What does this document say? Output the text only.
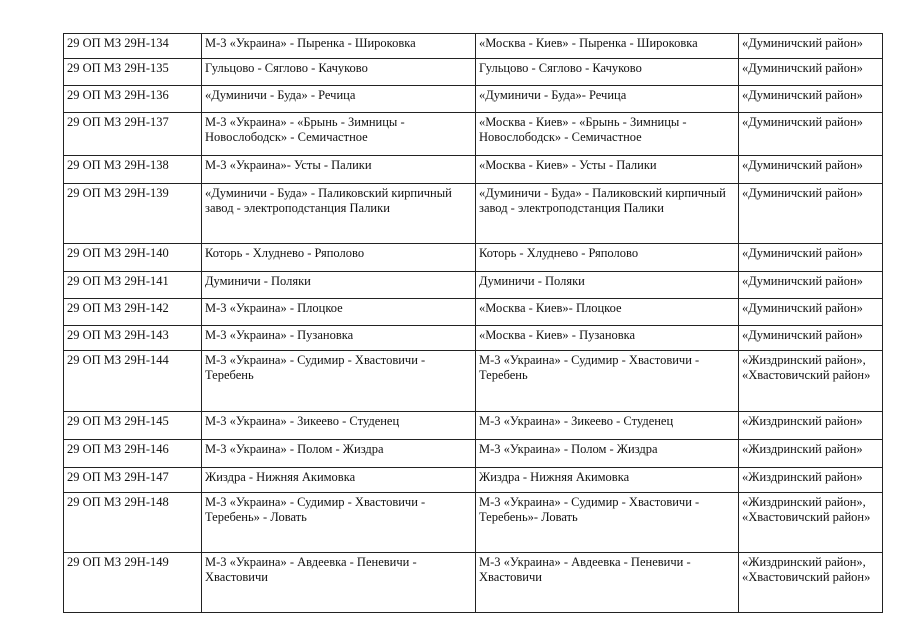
29 ОП МЗ 29Н-134	М-3 «Украина» - Пыренка - Широковка	«Москва - Киев» - Пыренка - Широковка	«Думиничский район»
29 ОП МЗ 29Н-135	Гульцово - Сяглово - Качуково	Гульцово - Сяглово - Качуково	«Думиничский район»
29 ОП МЗ 29Н-136	«Думиничи - Буда» - Речица	«Думиничи - Буда»- Речица	«Думиничский район»
29 ОП МЗ 29Н-137	М-3 «Украина» - «Брынь - Зимницы - Новослободск» - Семичастное	«Москва - Киев» - «Брынь - Зимницы - Новослободск» - Семичастное	«Думиничский район»
29 ОП МЗ 29Н-138	М-3 «Украина»- Усты - Палики	«Москва - Киев» - Усты - Палики	«Думиничский район»
29 ОП МЗ 29Н-139	«Думиничи - Буда» - Паликовский кирпичный завод - электроподстанция Палики	«Думиничи - Буда» - Паликовский кирпичный завод - электроподстанция Палики	«Думиничский район»
29 ОП МЗ 29Н-140	Которь - Хлуднево - Ряполово	Которь - Хлуднево - Ряполово	«Думиничский район»
29 ОП МЗ 29Н-141	Думиничи - Поляки	Думиничи - Поляки	«Думиничский район»
29 ОП МЗ 29Н-142	М-3 «Украина» - Плоцкое	«Москва - Киев»- Плоцкое	«Думиничский район»
29 ОП МЗ 29Н-143	М-3 «Украина» - Пузановка	«Москва - Киев» - Пузановка	«Думиничский район»
29 ОП МЗ 29Н-144	М-3 «Украина» - Судимир - Хвастовичи - Теребень	М-3 «Украина» - Судимир - Хвастовичи - Теребень	«Жиздринский район», «Хвастовичский район»
29 ОП МЗ 29Н-145	М-3 «Украина» - Зикеево - Студенец	М-3 «Украина» - Зикеево - Студенец	«Жиздринский район»
29 ОП МЗ 29Н-146	М-3 «Украина» - Полом - Жиздра	М-3 «Украина» - Полом - Жиздра	«Жиздринский район»
29 ОП МЗ 29Н-147	Жиздра - Нижняя Акимовка	Жиздра - Нижняя Акимовка	«Жиздринский район»
29 ОП МЗ 29Н-148	М-3 «Украина» - Судимир - Хвастовичи - Теребень» - Ловать	М-3 «Украина» - Судимир - Хвастовичи - Теребень»- Ловать	«Жиздринский район», «Хвастовичский район»
29 ОП МЗ 29Н-149	М-3 «Украина» - Авдеевка - Пеневичи - Хвастовичи	М-3 «Украина» - Авдеевка - Пеневичи - Хвастовичи	«Жиздринский район», «Хвастовичский район»
